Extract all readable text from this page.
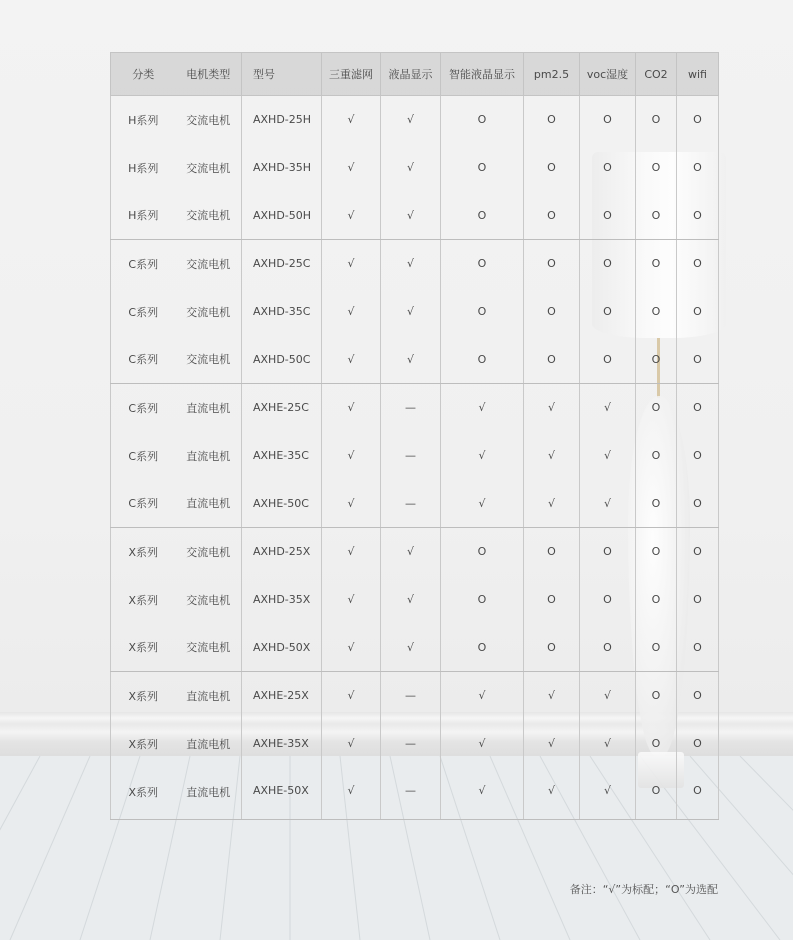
分类	电机类型	型号	三重滤网	液晶显示	智能液晶显示	pm2.5	voc湿度	CO2	wifi
H系列	交流电机	AXHD-25H	√	√	O	O	O	O	O
H系列	交流电机	AXHD-35H	√	√	O	O	O	O	O
H系列	交流电机	AXHD-50H	√	√	O	O	O	O	O
C系列	交流电机	AXHD-25C	√	√	O	O	O	O	O
C系列	交流电机	AXHD-35C	√	√	O	O	O	O	O
C系列	交流电机	AXHD-50C	√	√	O	O	O	O	O
C系列	直流电机	AXHE-25C	√	—	√	√	√	O	O
C系列	直流电机	AXHE-35C	√	—	√	√	√	O	O
C系列	直流电机	AXHE-50C	√	—	√	√	√	O	O
X系列	交流电机	AXHD-25X	√	√	O	O	O	O	O
X系列	交流电机	AXHD-35X	√	√	O	O	O	O	O
X系列	交流电机	AXHD-50X	√	√	O	O	O	O	O
X系列	直流电机	AXHE-25X	√	—	√	√	√	O	O
X系列	直流电机	AXHE-35X	√	—	√	√	√	O	O
X系列	直流电机	AXHE-50X	√	—	√	√	√	O	O
备注：“√”为标配；“O”为选配
